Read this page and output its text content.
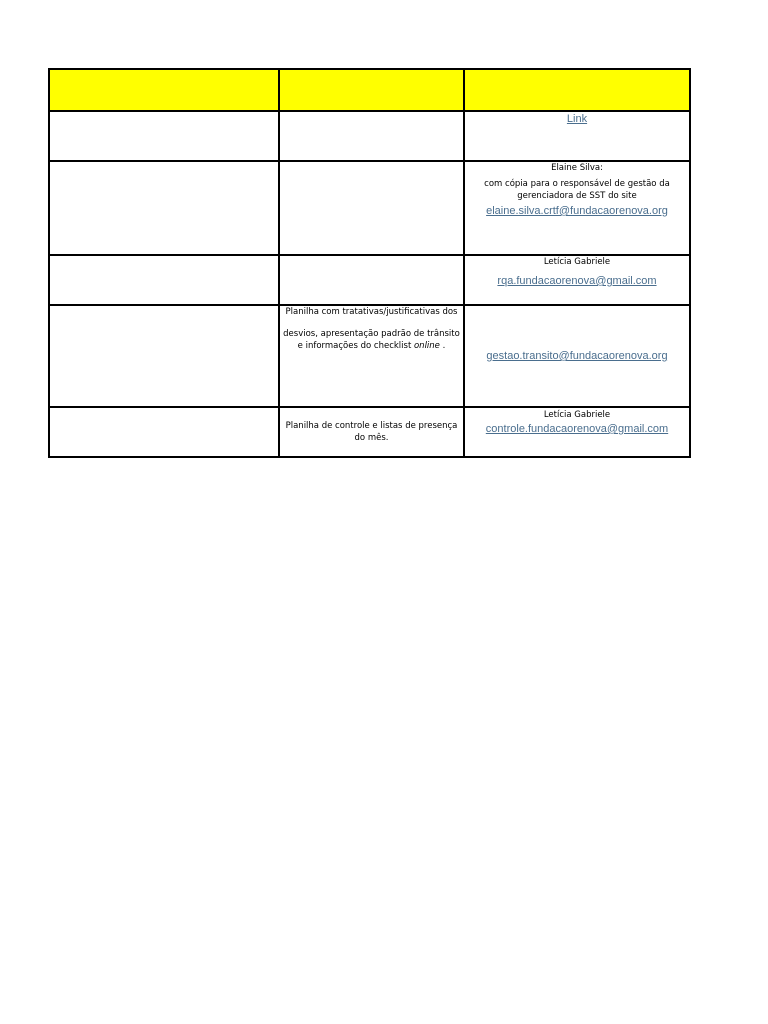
		Link

		Elaine Silva:
com cópia para o responsável de gestão da gerenciadora de SST do site
elaine.silva.crtf@fundacaorenova.org

		Letícia Gabriele
rqa.fundacaorenova@gmail.com

	Planilha com tratativas/justificativas dos
desvios, apresentação padrão de trânsito e informações do checklist online .	gestao.transito@fundacaorenova.org

	Planilha de controle e listas de presença do mês.	Letícia Gabriele
controle.fundacaorenova@gmail.com
